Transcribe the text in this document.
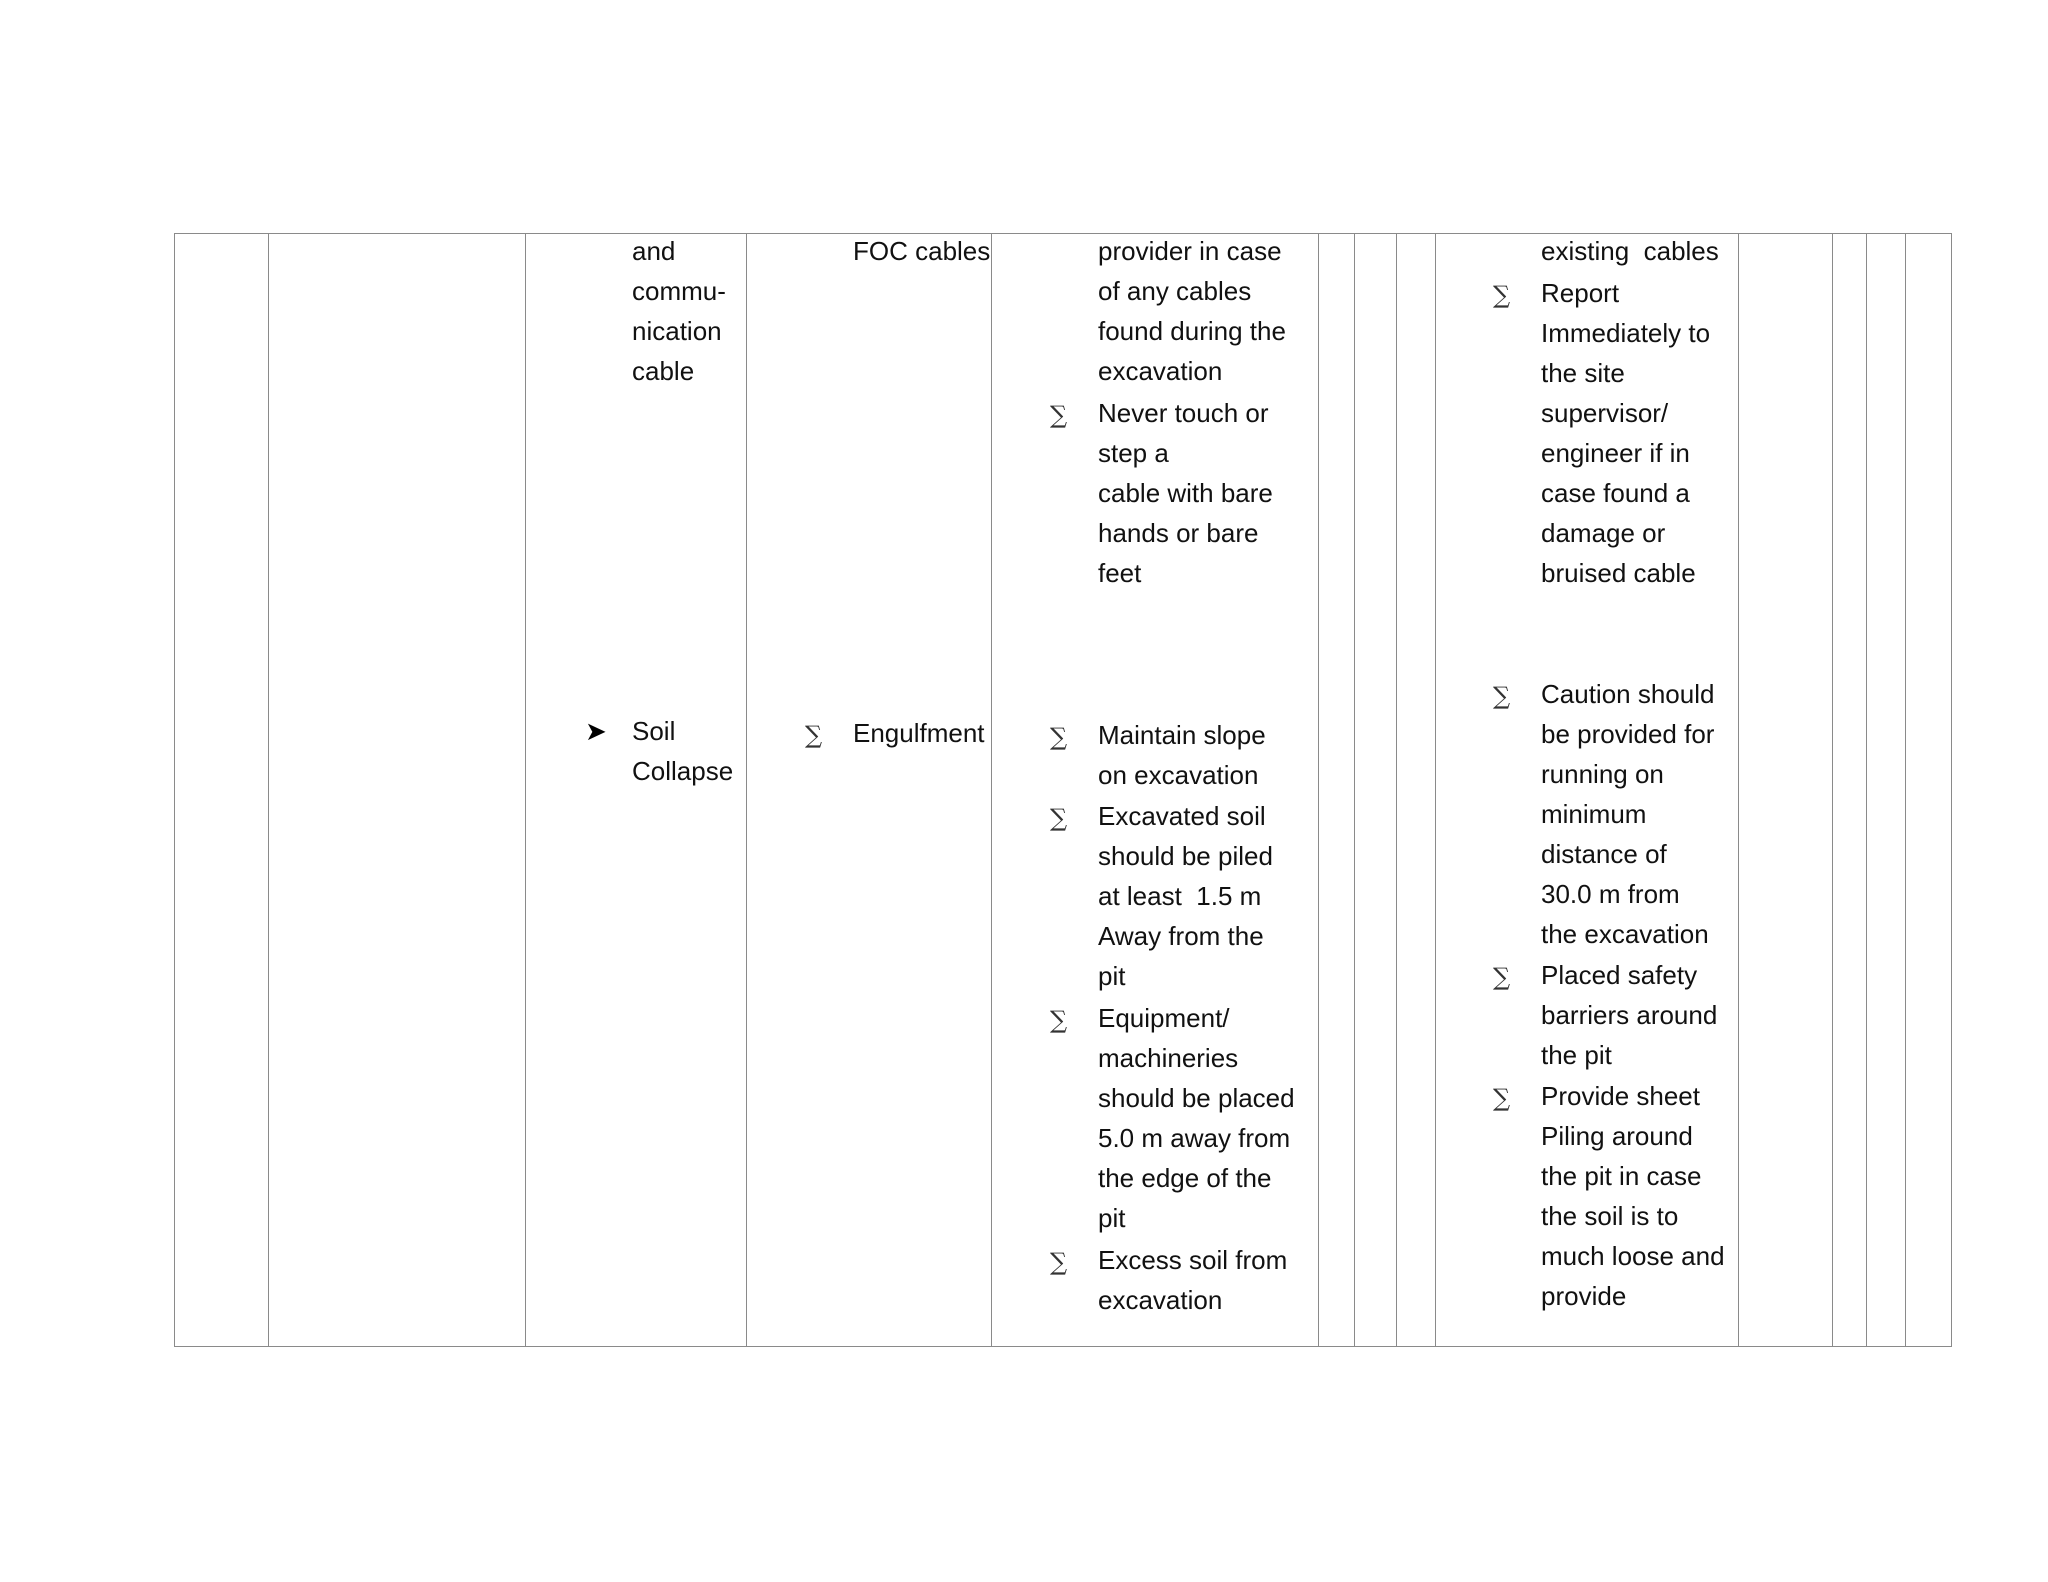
and
commu-
nication
cable
➤ Soil
Collapse
FOC cables
∑ Engulfment
provider in case
of any cables
found during the
excavation
∑ Never touch or
step a
cable with bare
hands or bare
feet
∑ Maintain slope
on excavation
∑ Excavated soil
should be piled
at least  1.5 m
Away from the
pit
∑ Equipment/
machineries
should be placed
5.0 m away from
the edge of the
pit
∑ Excess soil from
excavation
existing  cables
∑ Report
Immediately to
the site
supervisor/
engineer if in
case found a
damage or
bruised cable
∑ Caution should
be provided for
running on
minimum
distance of
30.0 m from
the excavation
∑ Placed safety
barriers around
the pit
∑ Provide sheet
Piling around
the pit in case
the soil is to
much loose and
provide
